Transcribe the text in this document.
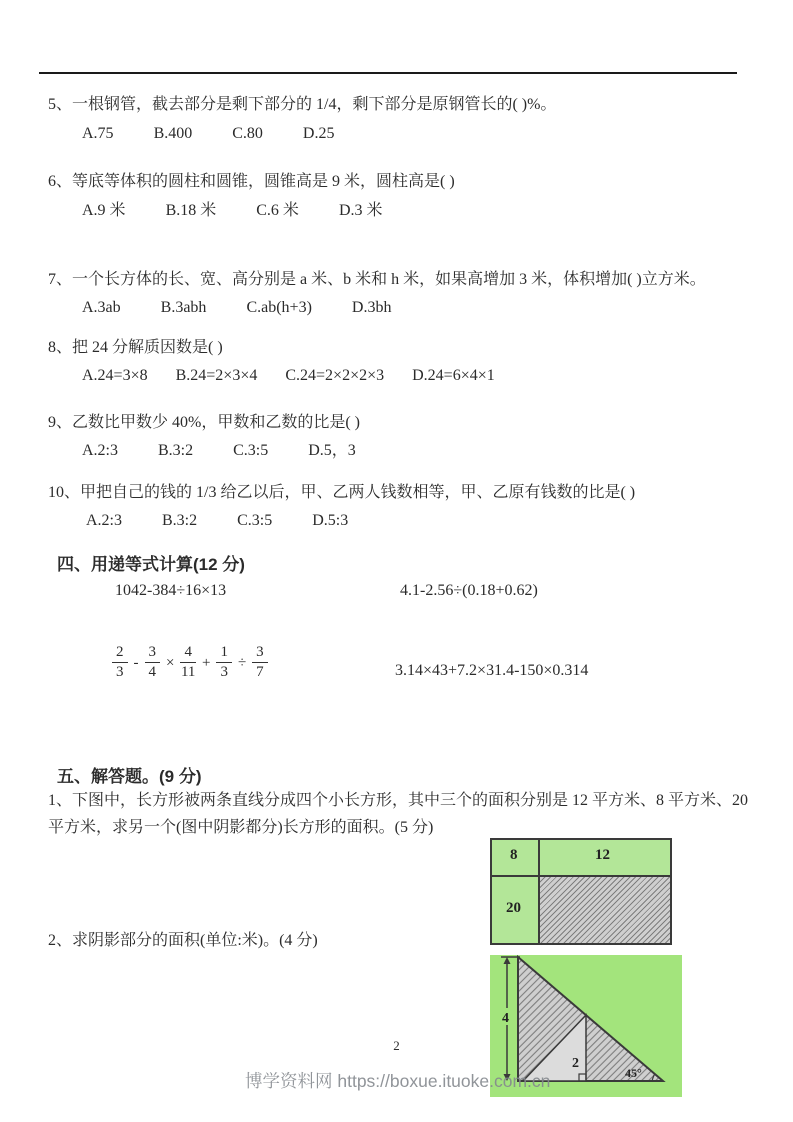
5、一根钢管，截去部分是剩下部分的 1/4，剩下部分是原钢管长的( )%。
A.75	B.400	C.80	D.25
6、等底等体积的圆柱和圆锥，圆锥高是 9 米，圆柱高是( )
A.9 米	B.18 米	C.6 米	D.3 米
7、一个长方体的长、宽、高分别是 a 米、b 米和 h 米，如果高增加 3 米，体积增加( )立方米。
A.3ab	B.3abh	C.ab(h+3)	D.3bh
8、把 24 分解质因数是( )
A.24=3×8 B.24=2×3×4 C.24=2×2×2×3 D.24=6×4×1
9、乙数比甲数少 40%，甲数和乙数的比是( )
A.2:3	B.3:2	C.3:5	D.5，3
10、甲把自己的钱的 1/3 给乙以后，甲、乙两人钱数相等，甲、乙原有钱数的比是( )
A.2:3	B.3:2	C.3:5	D.5:3
四、用递等式计算(12 分)
1042-384÷16×13	4.1-2.56÷(0.18+0.62)
$\frac{2}{3} - \frac{3}{4} \times \frac{4}{11} + \frac{1}{3} \div \frac{3}{7}$	3.14×43+7.2×31.4-150×0.314
五、解答题。(9 分)
1、下图中，长方形被两条直线分成四个小长方形，其中三个的面积分别是 12 平方米、8 平方米、20 平方米，求另一个(图中阴影都分)长方形的面积。(5 分)
8	12
20
2、求阴影部分的面积(单位:米)。(4 分)
4
2
45°
2
博学资料网 https://boxue.ituoke.com.cn
